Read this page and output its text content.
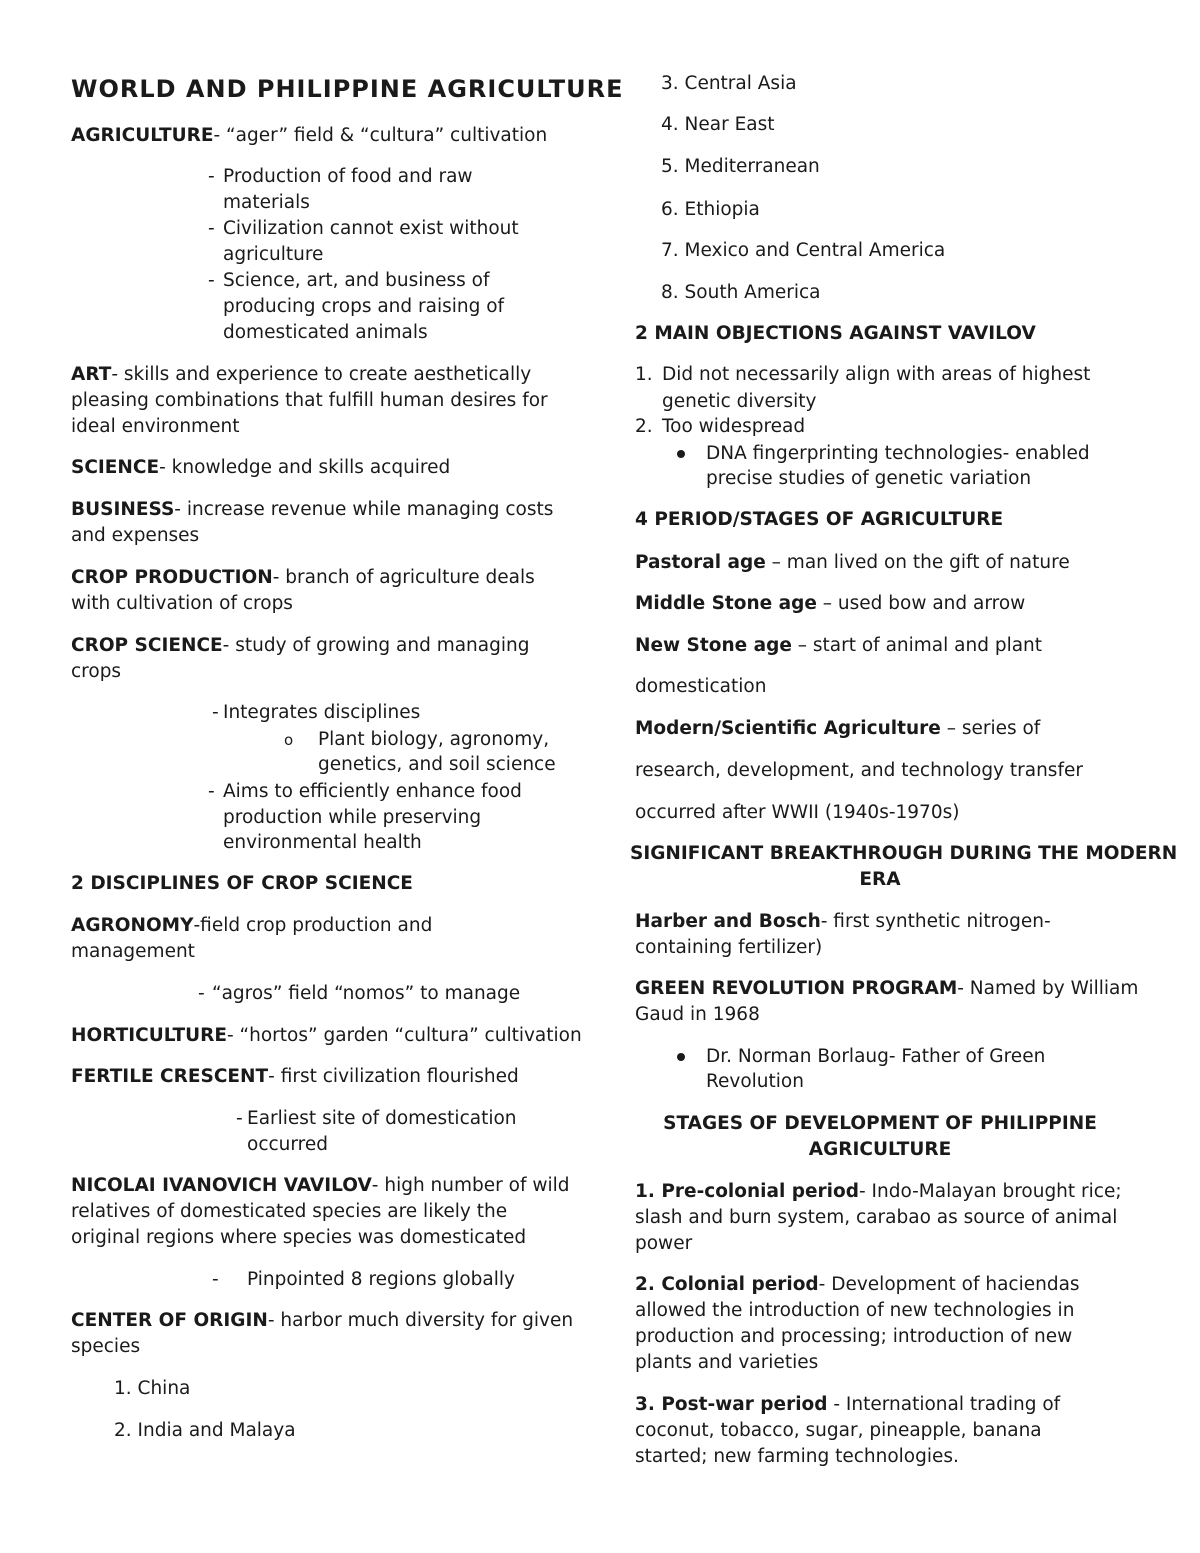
WORLD AND PHILIPPINE AGRICULTURE
AGRICULTURE- “ager” field & “cultura” cultivation
- Production of food and raw
materials
- Civilization cannot exist without
agriculture
- Science, art, and business of
producing crops and raising of
domesticated animals
ART- skills and experience to create aesthetically
pleasing combinations that fulfill human desires for
ideal environment
SCIENCE- knowledge and skills acquired
BUSINESS- increase revenue while managing costs
and expenses
CROP PRODUCTION- branch of agriculture deals
with cultivation of crops
CROP SCIENCE- study of growing and managing
crops
- Integrates disciplines
o Plant biology, agronomy,
genetics, and soil science
- Aims to efficiently enhance food
production while preserving
environmental health
2 DISCIPLINES OF CROP SCIENCE
AGRONOMY-field crop production and
management
- “agros” field “nomos” to manage
HORTICULTURE- “hortos” garden “cultura” cultivation
FERTILE CRESCENT- first civilization flourished
- Earliest site of domestication
occurred
NICOLAI IVANOVICH VAVILOV- high number of wild
relatives of domesticated species are likely the
original regions where species was domesticated
- Pinpointed 8 regions globally
CENTER OF ORIGIN- harbor much diversity for given
species
1. China
2. India and Malaya
3. Central Asia
4. Near East
5. Mediterranean
6. Ethiopia
7. Mexico and Central America
8. South America
2 MAIN OBJECTIONS AGAINST VAVILOV
1. Did not necessarily align with areas of highest
genetic diversity
2. Too widespread
DNA fingerprinting technologies- enabled
precise studies of genetic variation
4 PERIOD/STAGES OF AGRICULTURE
Pastoral age – man lived on the gift of nature
Middle Stone age – used bow and arrow
New Stone age – start of animal and plant
domestication
Modern/Scientific Agriculture – series of
research, development, and technology transfer
occurred after WWII (1940s-1970s)
SIGNIFICANT BREAKTHROUGH DURING THE MODERN
ERA
Harber and Bosch- first synthetic nitrogen-
containing fertilizer)
GREEN REVOLUTION PROGRAM- Named by William
Gaud in 1968
Dr. Norman Borlaug- Father of Green
Revolution
STAGES OF DEVELOPMENT OF PHILIPPINE
AGRICULTURE
1. Pre-colonial period- Indo-Malayan brought rice;
slash and burn system, carabao as source of animal
power
2. Colonial period- Development of haciendas
allowed the introduction of new technologies in
production and processing; introduction of new
plants and varieties
3. Post-war period - International trading of
coconut, tobacco, sugar, pineapple, banana
started; new farming technologies.
